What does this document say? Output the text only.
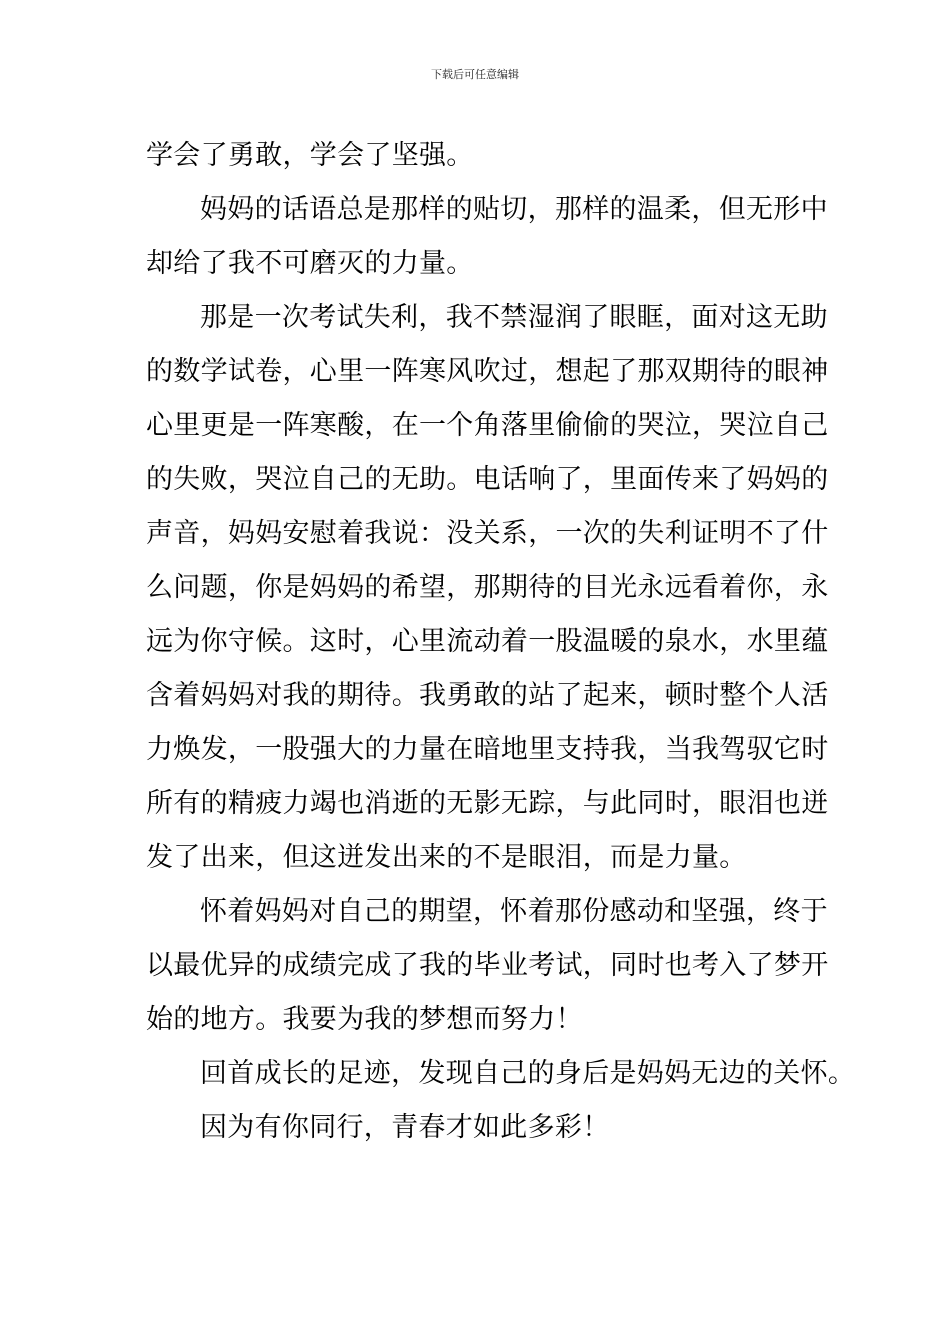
下载后可任意编辑
学会了勇敢，学会了坚强。
妈妈的话语总是那样的贴切，那样的温柔，但无形中
却给了我不可磨灭的力量。
那是一次考试失利，我不禁湿润了眼眶，面对这无助
的数学试卷，心里一阵寒风吹过，想起了那双期待的眼神
心里更是一阵寒酸，在一个角落里偷偷的哭泣，哭泣自己
的失败，哭泣自己的无助。电话响了，里面传来了妈妈的
声音，妈妈安慰着我说：没关系，一次的失利证明不了什
么问题，你是妈妈的希望，那期待的目光永远看着你，永
远为你守候。这时，心里流动着一股温暖的泉水，水里蕴
含着妈妈对我的期待。我勇敢的站了起来，顿时整个人活
力焕发，一股强大的力量在暗地里支持我，当我驾驭它时
所有的精疲力竭也消逝的无影无踪，与此同时，眼泪也迸
发了出来，但这迸发出来的不是眼泪，而是力量。
怀着妈妈对自己的期望，怀着那份感动和坚强，终于
以最优异的成绩完成了我的毕业考试，同时也考入了梦开
始的地方。我要为我的梦想而努力！
回首成长的足迹，发现自己的身后是妈妈无边的关怀。
因为有你同行，青春才如此多彩！
